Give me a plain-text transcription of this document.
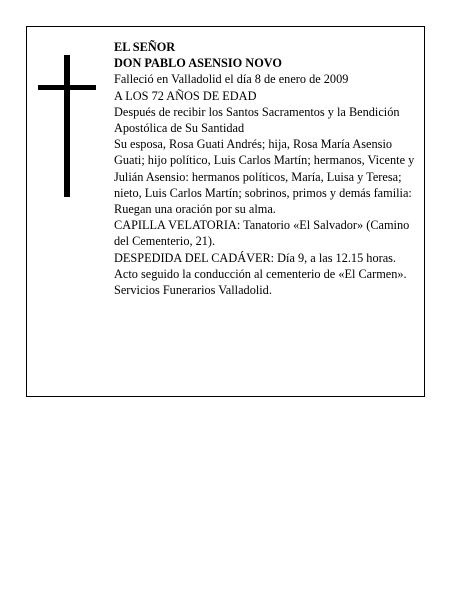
EL SEÑOR

DON PABLO ASENSIO NOVO

Falleció en Valladolid el día 8 de enero de 2009

A LOS 72 AÑOS DE EDAD

Después de recibir los Santos Sacramentos y la Bendición Apostólica de Su Santidad

Su esposa, Rosa Guati Andrés; hija, Rosa María Asensio Guati; hijo político, Luis Carlos Martín; hermanos, Vicente y Julián Asensio: hermanos políticos, María, Luisa y Teresa; nieto, Luis Carlos Martín; sobrinos, primos y demás familia:

Ruegan una oración por su alma.

CAPILLA VELATORIA: Tanatorio «El Salvador» (Camino del Cementerio, 21).

DESPEDIDA DEL CADÁVER: Día 9, a las 12.15 horas. Acto seguido la conducción al cementerio de «El Carmen».

Servicios Funerarios Valladolid.
